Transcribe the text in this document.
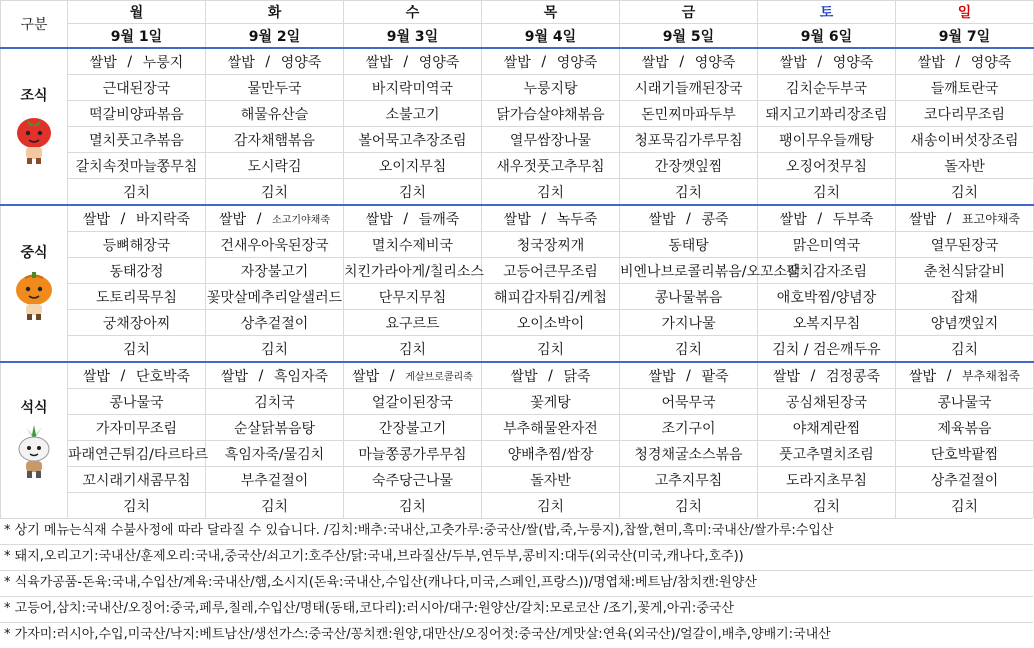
구분	월	화	수	목	금	토	일
	9월 1일	9월 2일	9월 3일	9월 4일	9월 5일	9월 6일	9월 7일

조식	쌀밥 / 누룽지	쌀밥 / 영양죽	쌀밥 / 영양죽	쌀밥 / 영양죽	쌀밥 / 영양죽	쌀밥 / 영양죽	쌀밥 / 영양죽

	근대된장국	물만두국	바지락미역국	누룽지탕	시래기들깨된장국	김치순두부국	들깨토란국
	떡갈비양파볶음	해물유산슬	소불고기	닭가슴살야채볶음	돈민찌마파두부	돼지고기꽈리장조림	코다리무조림
	멸치풋고추볶음	감자채햄볶음	볼어묵고추장조림	열무쌈장나물	청포묵김가루무침	팽이무우들깨탕	새송이버섯장조림
	갈치속젓마늘쫑무침	도시락김	오이지무침	새우젓풋고추무침	간장깻잎찜	오징어젓무침	돌자반
	김치	김치	김치	김치	김치	김치	김치

중식	쌀밥 / 바지락죽	쌀밥 / 소고기야채죽	쌀밥 / 들깨죽	쌀밥 / 녹두죽	쌀밥 / 콩죽	쌀밥 / 두부죽	쌀밥 / 표고야채죽

	등뼈해장국	건새우아욱된장국	멸치수제비국	청국장찌개	동태탕	맑은미역국	열무된장국
	동태강정	자장불고기	치킨가라아게/칠리소스	고등어큰무조림	비엔나브로콜리볶음/오꼬소떡	갈치감자조림	춘천식닭갈비
	도토리묵무침	꽃맛살메추리알샐러드	단무지무침	해피감자튀김/케첩	콩나물볶음	애호박찜/양념장	잡채
	궁채장아찌	상추겉절이	요구르트	오이소박이	가지나물	오복지무침	양념깻잎지
	김치	김치	김치	김치	김치	김치 / 검은깨두유	김치

석식	쌀밥 / 단호박죽	쌀밥 / 흑임자죽	쌀밥 / 게살브로콜리죽	쌀밥 / 닭죽	쌀밥 / 팥죽	쌀밥 / 검정콩죽	쌀밥 / 부추채첩죽

	콩나물국	김치국	얼갈이된장국	꽃게탕	어묵무국	공심채된장국	콩나물국
	가자미무조림	순살닭볶음탕	간장불고기	부추해물완자전	조기구이	야채계란찜	제육볶음
	파래연근튀김/타르타르	흑임자죽/물김치	마늘쫑콩가루무침	양배추찜/쌈장	청경채굴소스볶음	풋고추멸치조림	단호박팥찜
	꼬시래기새콤무침	부추겉절이	숙주당근나물	돌자반	고추지무침	도라지초무침	상추겉절이
	김치	김치	김치	김치	김치	김치	김치
* 상기 메뉴는식재 수불사정에 따라 달라질 수 있습니다. /김치:배추:국내산,고춧가루:중국산/쌀(밥,죽,누룽지),찹쌀,현미,흑미:국내산/쌀가루:수입산
* 돼지,오리고기:국내산/훈제오리:국내,중국산/쇠고기:호주산/닭:국내,브라질산/두부,연두부,콩비지:대두(외국산(미국,캐나다,호주))
* 식육가공품-돈육:국내,수입산/계육:국내산/햄,소시지(돈육:국내산,수입산(캐나다,미국,스페인,프랑스))/명엽채:베트남/참치캔:원양산
* 고등어,삼치:국내산/오징어:중국,페루,칠레,수입산/명태(동태,코다리):러시아/대구:원양산/갈치:모로코산 /조기,꽃게,아귀:중국산
* 가자미:러시아,수입,미국산/낙지:베트남산/생선가스:중국산/꽁치캔:원양,대만산/오징어젓:중국산/게맛살:연육(외국산)/얼갈이,배추,양배기:국내산
